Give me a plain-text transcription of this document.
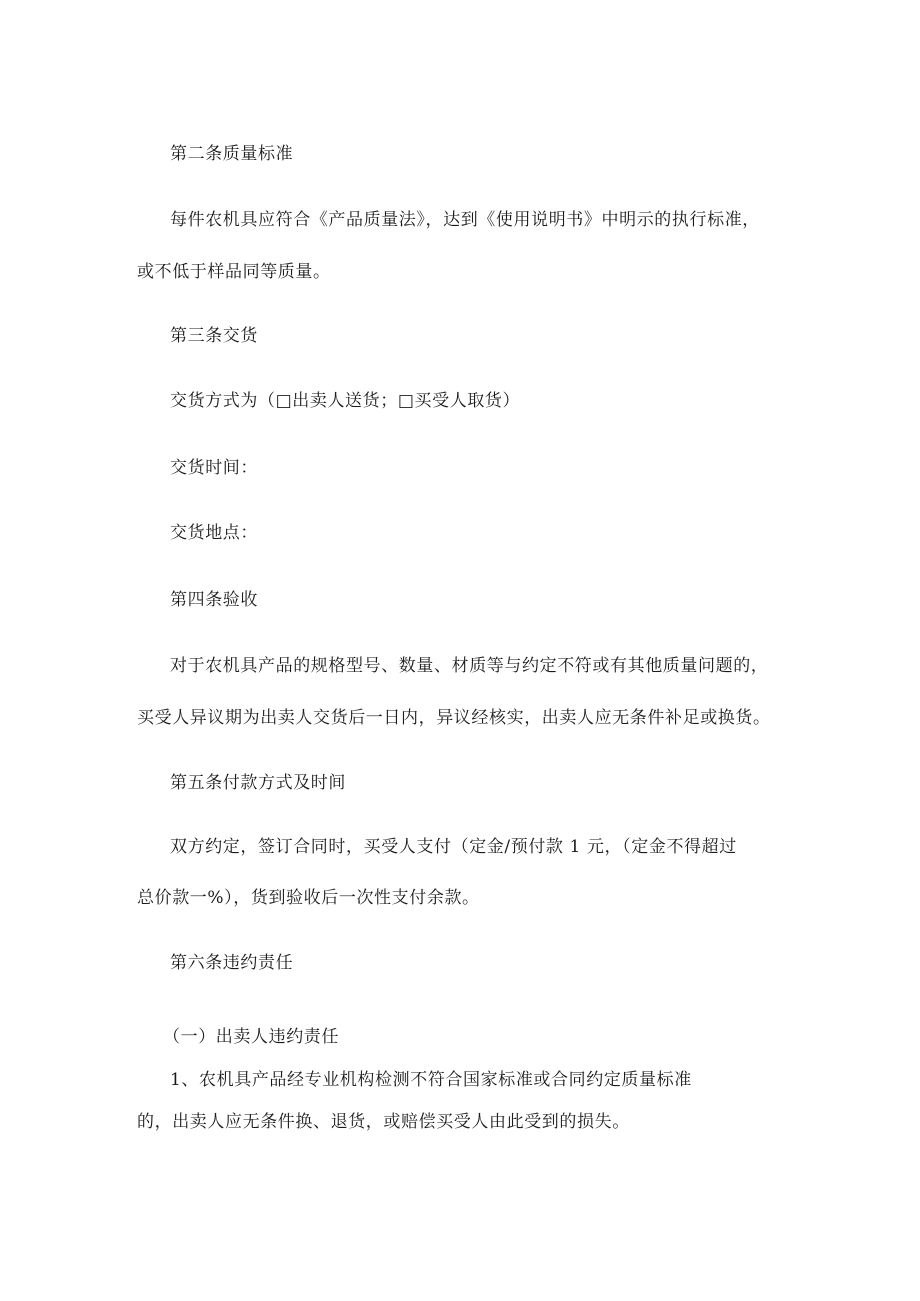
第二条质量标准
每件农机具应符合《产品质量法》，达到《使用说明书》中明示的执行标准，
或不低于样品同等质量。
第三条交货
交货方式为（□出卖人送货；□买受人取货）
交货时间：
交货地点：
第四条验收
对于农机具产品的规格型号、数量、材质等与约定不符或有其他质量问题的，
买受人异议期为出卖人交货后一日内，异议经核实，出卖人应无条件补足或换货。
第五条付款方式及时间
双方约定，签订合同时，买受人支付（定金/预付款 1 元，（定金不得超过
总价款一%），货到验收后一次性支付余款。
第六条违约责任
（一）出卖人违约责任
1、农机具产品经专业机构检测不符合国家标准或合同约定质量标准
的，出卖人应无条件换、退货，或赔偿买受人由此受到的损失。
